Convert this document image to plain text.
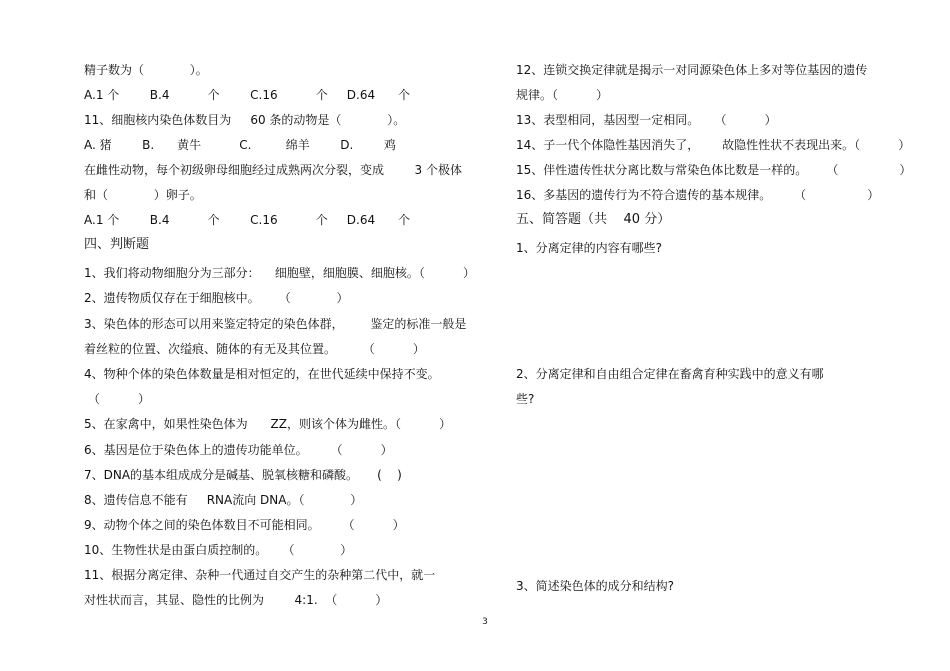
精子数为（            ）。
A.1 个        B.4          个        C.16          个     D.64      个
11、细胞核内染色体数目为     60 条的动物是（            ）。
A. 猪        B.      黄牛          C.         绵羊        D.        鸡
在雌性动物，每个初级卵母细胞经过成熟两次分裂，变成        3 个极体
和（            ）卵子。
A.1 个        B.4          个        C.16          个     D.64      个
四、判断题
1、我们将动物细胞分为三部分：    细胞壁，细胞膜、细胞核。（          ）
2、遗传物质仅存在于细胞核中。     （            ）
3、染色体的形态可以用来鉴定特定的染色体群，       鉴定的标准一般是
着丝粒的位置、次缢痕、随体的有无及其位置。       （          ）
4、物种个体的染色体数量是相对恒定的，在世代延续中保持不变。
（          ）
5、在家禽中，如果性染色体为      ZZ，则该个体为雌性。（          ）
6、基因是位于染色体上的遗传功能单位。      （          ）
7、DNA的基本组成成分是碱基、脱氧核糖和磷酸。     (    )
8、遗传信息不能有     RNA流向 DNA。（            ）
9、动物个体之间的染色体数目不可能相同。      （          ）
10、生物性状是由蛋白质控制的。    （            ）
11、根据分离定律、杂种一代通过自交产生的杂种第二代中，就一
对性状而言，其显、隐性的比例为        4:1.  （          ）
12、连锁交换定律就是揭示一对同源染色体上多对等位基因的遗传
规律。（          ）
13、表型相同，基因型一定相同。    （          ）
14、子一代个体隐性基因消失了，      故隐性性状不表现出来。（          ）
15、伴性遗传性状分离比数与常染色体比数是一样的。     （                ）
16、多基因的遗传行为不符合遗传的基本规律。      （                ）
五、简答题（共    40 分）
1、分离定律的内容有哪些?
2、分离定律和自由组合定律在畜禽育种实践中的意义有哪
些?
3、简述染色体的成分和结构?
3
